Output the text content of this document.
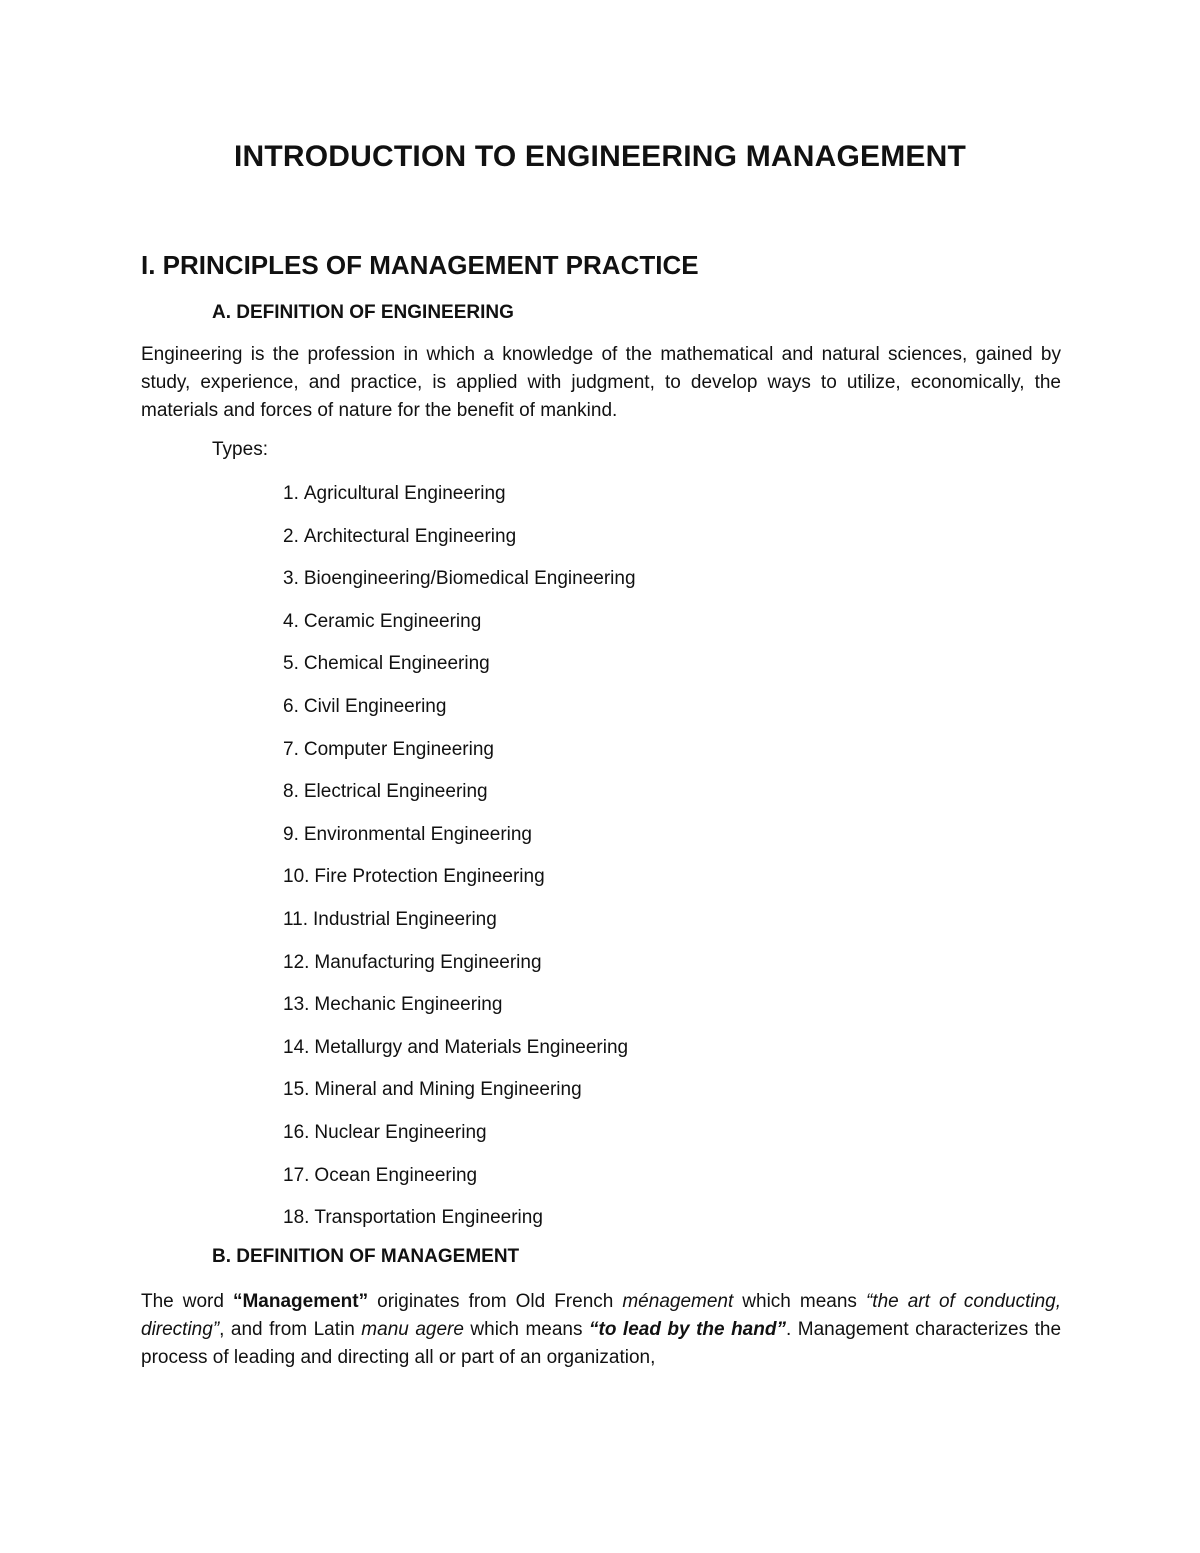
INTRODUCTION TO ENGINEERING MANAGEMENT
I. PRINCIPLES OF MANAGEMENT PRACTICE
A. DEFINITION OF ENGINEERING

Engineering is the profession in which a knowledge of the mathematical and natural sciences, gained by study, experience, and practice, is applied with judgment, to develop ways to utilize, economically, the materials and forces of nature for the benefit of mankind.

Types:

1. Agricultural Engineering
2. Architectural Engineering
3. Bioengineering/Biomedical Engineering
4. Ceramic Engineering
5. Chemical Engineering
6. Civil Engineering
7. Computer Engineering
8. Electrical Engineering
9. Environmental Engineering
10. Fire Protection Engineering
11. Industrial Engineering
12. Manufacturing Engineering
13. Mechanic Engineering
14. Metallurgy and Materials Engineering
15. Mineral and Mining Engineering
16. Nuclear Engineering
17. Ocean Engineering
18. Transportation Engineering
B. DEFINITION OF MANAGEMENT

The word “Management” originates from Old French ménagement which means “the art of conducting, directing”, and from Latin manu agere which means “to lead by the hand”. Management characterizes the process of leading and directing all or part of an organization,
